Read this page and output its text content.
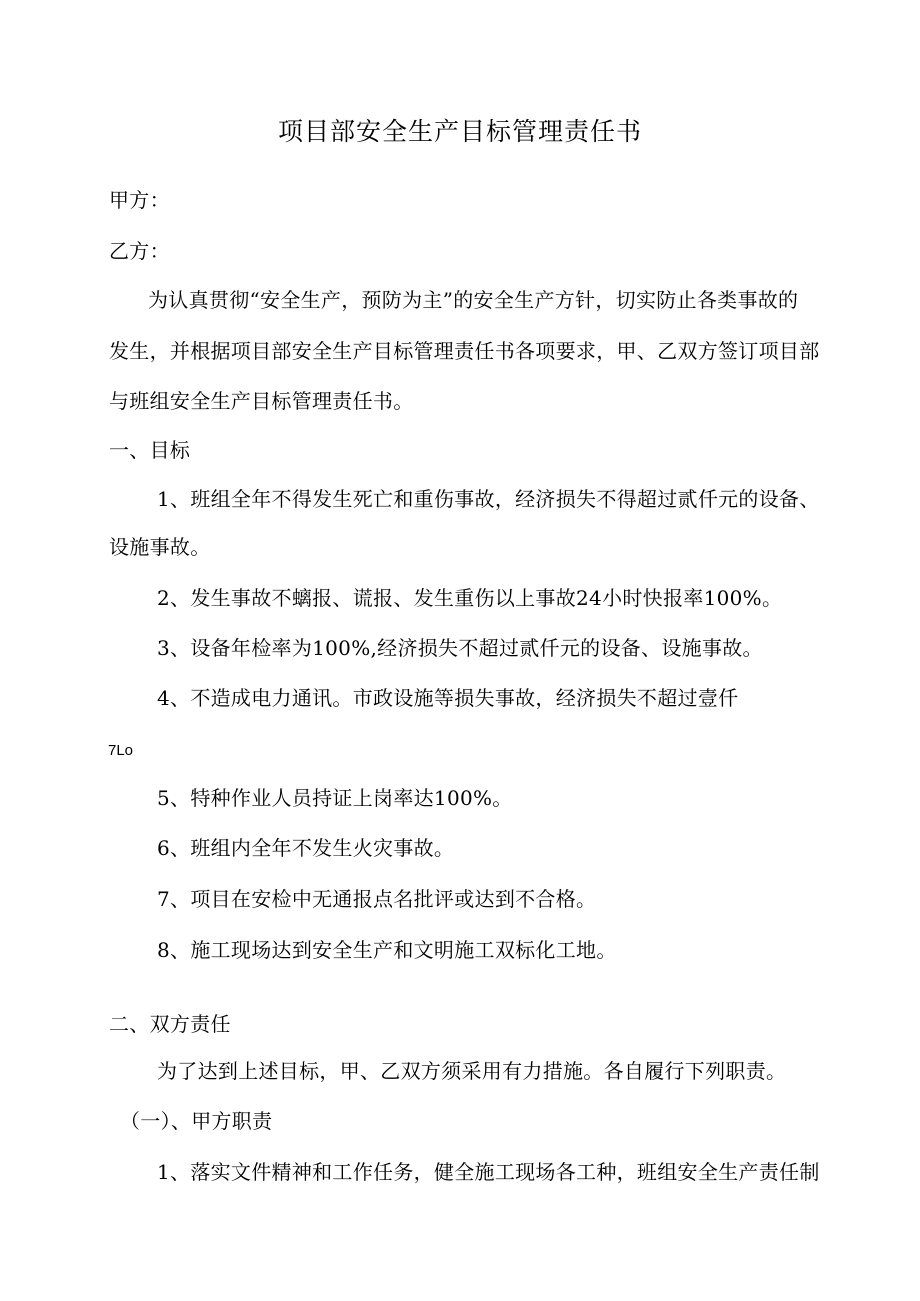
项目部安全生产目标管理责任书
甲方：
乙方：
为认真贯彻“安全生产，预防为主”的安全生产方针，切实防止各类事故的
发生，并根据项目部安全生产目标管理责任书各项要求，甲、乙双方签订项目部
与班组安全生产目标管理责任书。
一、目标
1、班组全年不得发生死亡和重伤事故，经济损失不得超过贰仟元的设备、
设施事故。
2、发生事故不螭报、谎报、发生重伤以上事故24小时快报率100%。
3、设备年检率为100%,经济损失不超过贰仟元的设备、设施事故。
4、不造成电力通讯。市政设施等损失事故，经济损失不超过壹仟
7Lo
5、特种作业人员持证上岗率达100%。
6、班组内全年不发生火灾事故。
7、项目在安检中无通报点名批评或达到不合格。
8、施工现场达到安全生产和文明施工双标化工地。
二、双方责任
为了达到上述目标，甲、乙双方须采用有力措施。各自履行下列职责。
（一）、甲方职责
1、落实文件精神和工作任务，健全施工现场各工种，班组安全生产责任制
